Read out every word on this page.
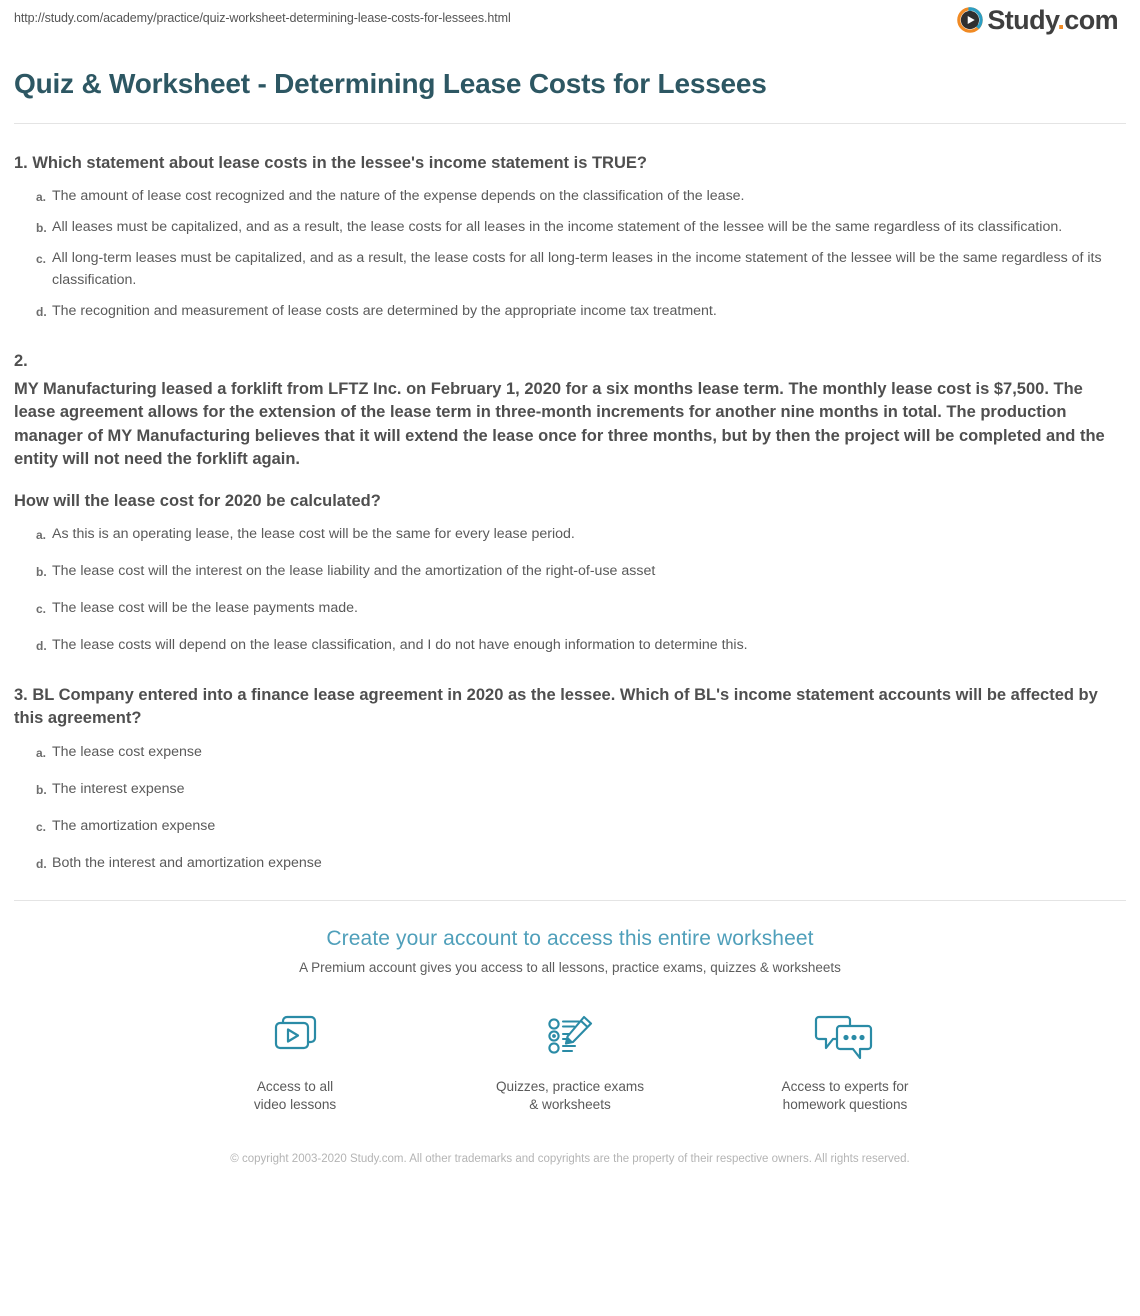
http://study.com/academy/practice/quiz-worksheet-determining-lease-costs-for-lessees.html	Study.com
Quiz & Worksheet - Determining Lease Costs for Lessees

1. Which statement about lease costs in the lessee's income statement is TRUE?

a. The amount of lease cost recognized and the nature of the expense depends on the classification of the lease.
b. All leases must be capitalized, and as a result, the lease costs for all leases in the income statement of the lessee will be the same regardless of its classification.
c. All long-term leases must be capitalized, and as a result, the lease costs for all long-term leases in the income statement of the lessee will be the same regardless of its classification.
d. The recognition and measurement of lease costs are determined by the appropriate income tax treatment.

2.

MY Manufacturing leased a forklift from LFTZ Inc. on February 1, 2020 for a six months lease term. The monthly lease cost is $7,500. The lease agreement allows for the extension of the lease term in three-month increments for another nine months in total. The production manager of MY Manufacturing believes that it will extend the lease once for three months, but by then the project will be completed and the entity will not need the forklift again.

How will the lease cost for 2020 be calculated?

a. As this is an operating lease, the lease cost will be the same for every lease period.
b. The lease cost will the interest on the lease liability and the amortization of the right-of-use asset
c. The lease cost will be the lease payments made.
d. The lease costs will depend on the lease classification, and I do not have enough information to determine this.

3. BL Company entered into a finance lease agreement in 2020 as the lessee. Which of BL's income statement accounts will be affected by this agreement?

a. The lease cost expense
b. The interest expense
c. The amortization expense
d. Both the interest and amortization expense

Create your account to access this entire worksheet

A Premium account gives you access to all lessons, practice exams, quizzes & worksheets

Access to all
video lessons
Quizzes, practice exams
& worksheets
Access to experts for
homework questions

© copyright 2003-2020 Study.com. All other trademarks and copyrights are the property of their respective owners. All rights reserved.
